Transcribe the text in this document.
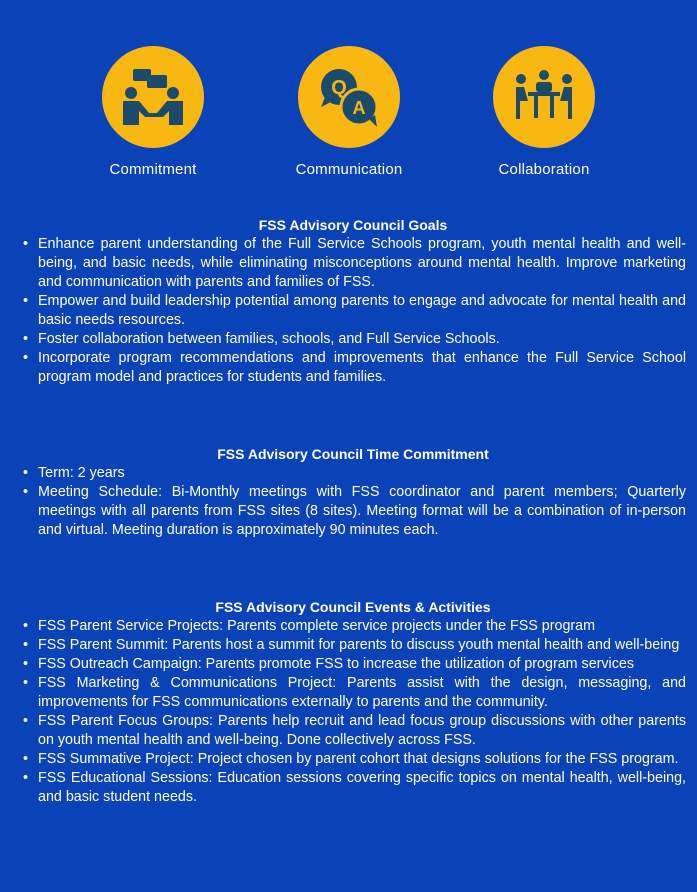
Commitment
Q
A
Communication	Collaboration
FSS Advisory Council Goals
• Enhance parent understanding of the Full Service Schools program, youth mental health and well-being, and basic needs, while eliminating misconceptions around mental health. Improve marketing and communication with parents and families of FSS.
• Empower and build leadership potential among parents to engage and advocate for mental health and basic needs resources.
• Foster collaboration between families, schools, and Full Service Schools.
• Incorporate program recommendations and improvements that enhance the Full Service School program model and practices for students and families.
FSS Advisory Council Time Commitment
• Term: 2 years
• Meeting Schedule: Bi-Monthly meetings with FSS coordinator and parent members; Quarterly meetings with all parents from FSS sites (8 sites). Meeting format will be a combination of in-person and virtual. Meeting duration is approximately 90 minutes each.
FSS Advisory Council Events & Activities
• FSS Parent Service Projects: Parents complete service projects under the FSS program
• FSS Parent Summit: Parents host a summit for parents to discuss youth mental health and well-being
• FSS Outreach Campaign: Parents promote FSS to increase the utilization of program services
• FSS Marketing & Communications Project: Parents assist with the design, messaging, and improvements for FSS communications externally to parents and the community.
• FSS Parent Focus Groups: Parents help recruit and lead focus group discussions with other parents on youth mental health and well-being. Done collectively across FSS.
• FSS Summative Project: Project chosen by parent cohort that designs solutions for the FSS program.
• FSS Educational Sessions: Education sessions covering specific topics on mental health, well-being, and basic student needs.
